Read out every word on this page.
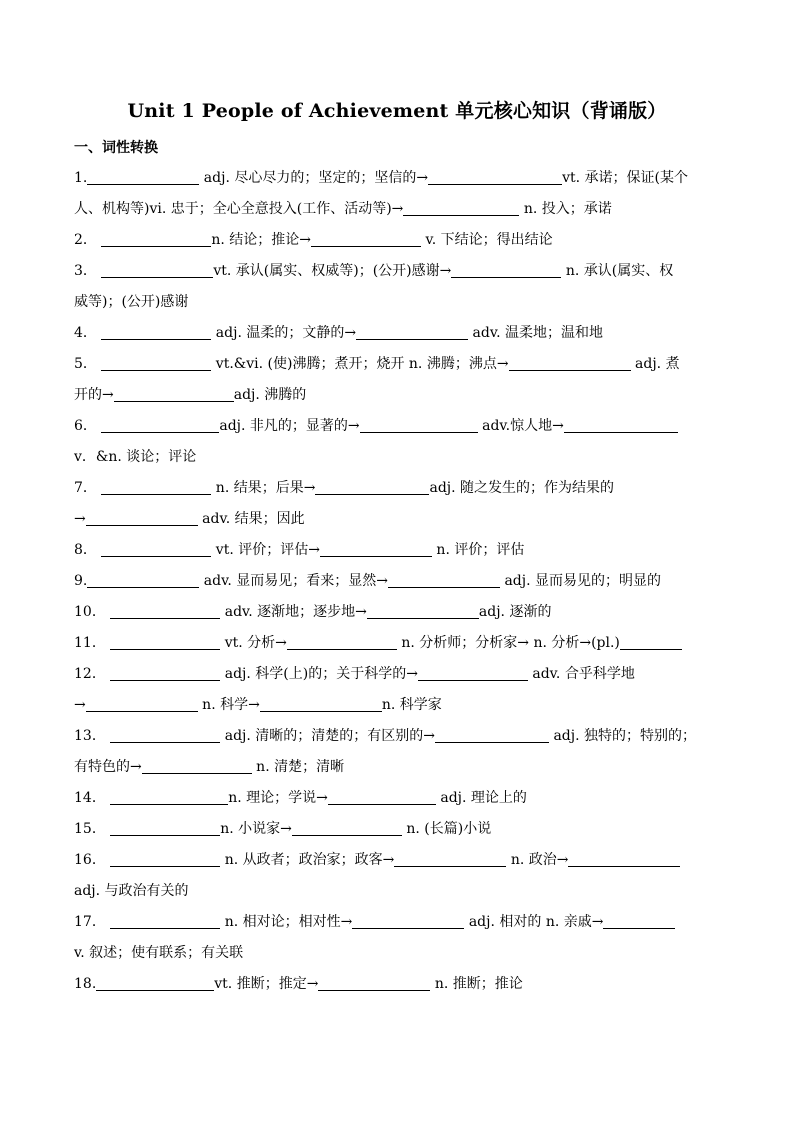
Unit 1 People of Achievement 单元核心知识（背诵版）
一、词性转换
1.	adj. 尽心尽力的；坚定的；坚信的→	vt. 承诺；保证(某个
人、机构等)vi. 忠于；全心全意投入(工作、活动等)→	n. 投入；承诺
2．	n. 结论；推论→	v. 下结论；得出结论
3．	vt. 承认(属实、权威等)；(公开)感谢→	n. 承认(属实、权
威等)；(公开)感谢
4．	adj. 温柔的；文静的→	adv. 温柔地；温和地
5．	vt.&vi. (使)沸腾；煮开；烧开 n. 沸腾；沸点→	adj. 煮
开的→	adj. 沸腾的
6．	adj. 非凡的；显著的→	adv.惊人地→
v．&n. 谈论；评论
7．	n. 结果；后果→	adj. 随之发生的；作为结果的
→	adv. 结果；因此
8．	vt. 评价；评估→	n. 评价；评估
9.	adv. 显而易见；看来；显然→	adj. 显而易见的；明显的
10．	adv. 逐渐地；逐步地→	adj. 逐渐的
11．	vt. 分析→	n. 分析师；分析家→ n. 分析→(pl.)
12．	adj. 科学(上)的；关于科学的→	adv. 合乎科学地
→	n. 科学→	n. 科学家
13．	adj. 清晰的；清楚的；有区别的→	adj. 独特的；特别的；
有特色的→	n. 清楚；清晰
14．	n. 理论；学说→	adj. 理论上的
15．	n. 小说家→	n. (长篇)小说
16．	n. 从政者；政治家；政客→	n. 政治→
adj. 与政治有关的
17．	n. 相对论；相对性→	adj. 相对的 n. 亲戚→
v. 叙述；使有联系；有关联
18.	vt. 推断；推定→	n. 推断；推论
